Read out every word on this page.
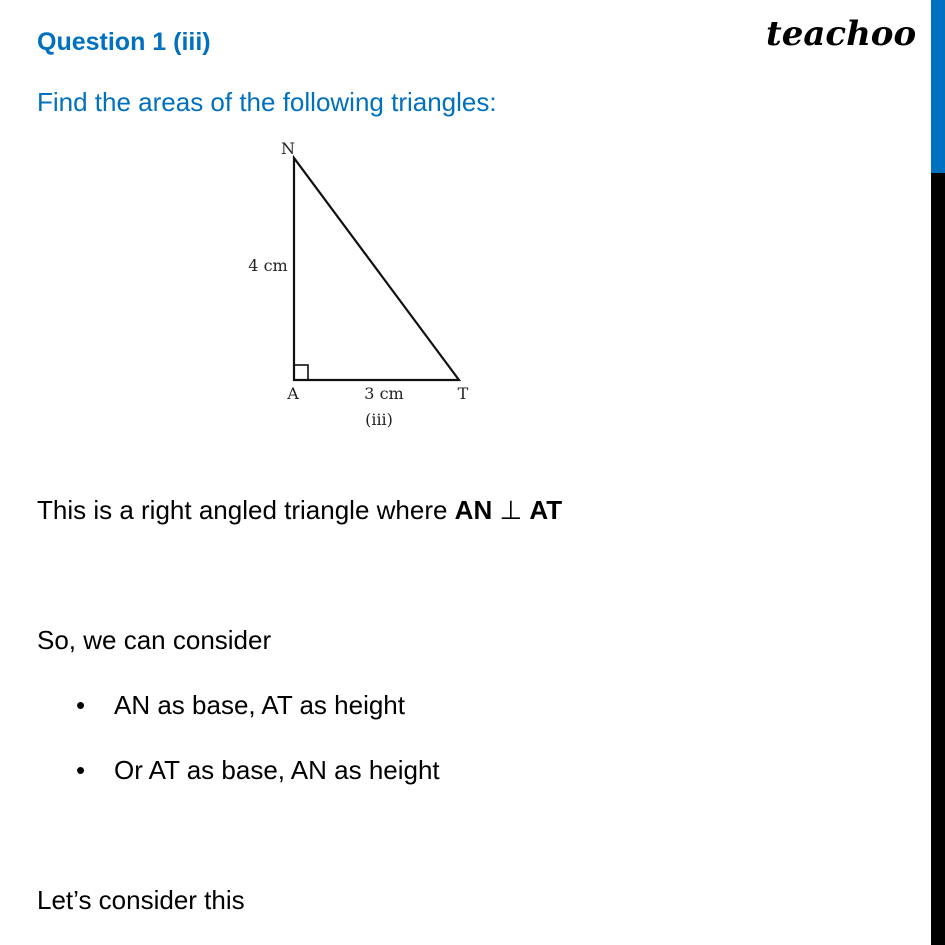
Question 1 (iii)	teachoo
Find the areas of the following triangles:
N
A	T
4 cm
3 cm
(iii)
This is a right angled triangle where AN ⊥ AT
So, we can consider
• AN as base, AT as height
• Or AT as base, AN as height
Let’s consider this
